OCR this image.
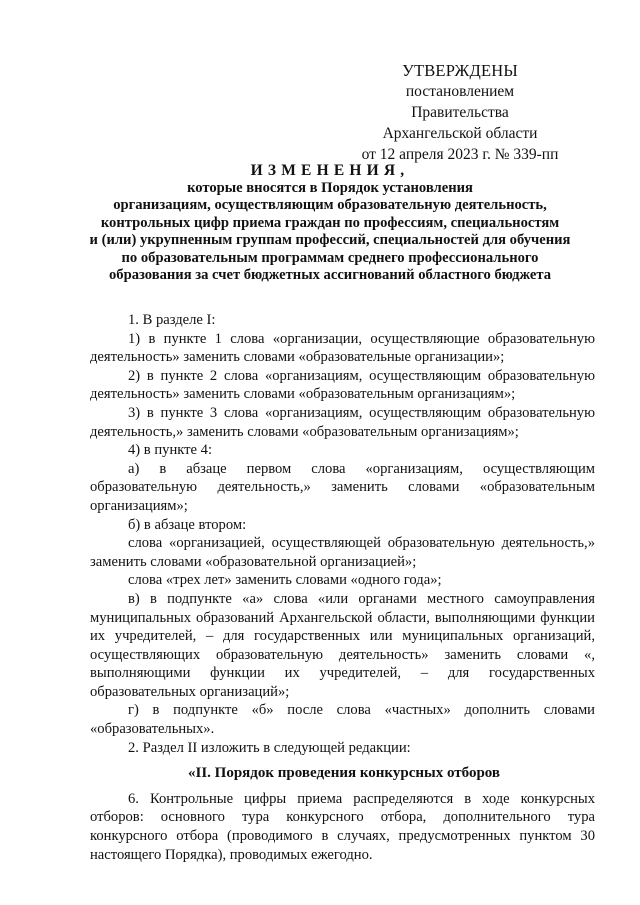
УТВЕРЖДЕНЫ
постановлением Правительства
Архангельской области
от 12 апреля 2023 г. № 339-пп
ИЗМЕНЕНИЯ,
которые вносятся в Порядок установления
организациям, осуществляющим образовательную деятельность,
контрольных цифр приема граждан по профессиям, специальностям
и (или) укрупненным группам профессий, специальностей для обучения
по образовательным программам среднего профессионального
образования за счет бюджетных ассигнований областного бюджета

1. В разделе I:

1) в пункте 1 слова «организации, осуществляющие образовательную деятельность» заменить словами «образовательные организации»;

2) в пункте 2 слова «организациям, осуществляющим образовательную деятельность» заменить словами «образовательным организациям»;

3) в пункте 3 слова «организациям, осуществляющим образовательную деятельность,» заменить словами «образовательным организациям»;

4) в пункте 4:

а) в абзаце первом слова «организациям, осуществляющим образовательную деятельность,» заменить словами «образовательным организациям»;

б) в абзаце втором:

слова «организацией, осуществляющей образовательную деятельность,» заменить словами «образовательной организацией»;

слова «трех лет» заменить словами «одного года»;

в) в подпункте «а» слова «или органами местного самоуправления муниципальных образований Архангельской области, выполняющими функции их учредителей, – для государственных или муниципальных организаций, осуществляющих образовательную деятельность» заменить словами «, выполняющими функции их учредителей, – для государственных образовательных организаций»;

г) в подпункте «б» после слова «частных» дополнить словами «образовательных».

2. Раздел II изложить в следующей редакции:

«II. Порядок проведения конкурсных отборов

6. Контрольные цифры приема распределяются в ходе конкурсных отборов: основного тура конкурсного отбора, дополнительного тура конкурсного отбора (проводимого в случаях, предусмотренных пунктом 30 настоящего Порядка), проводимых ежегодно.
